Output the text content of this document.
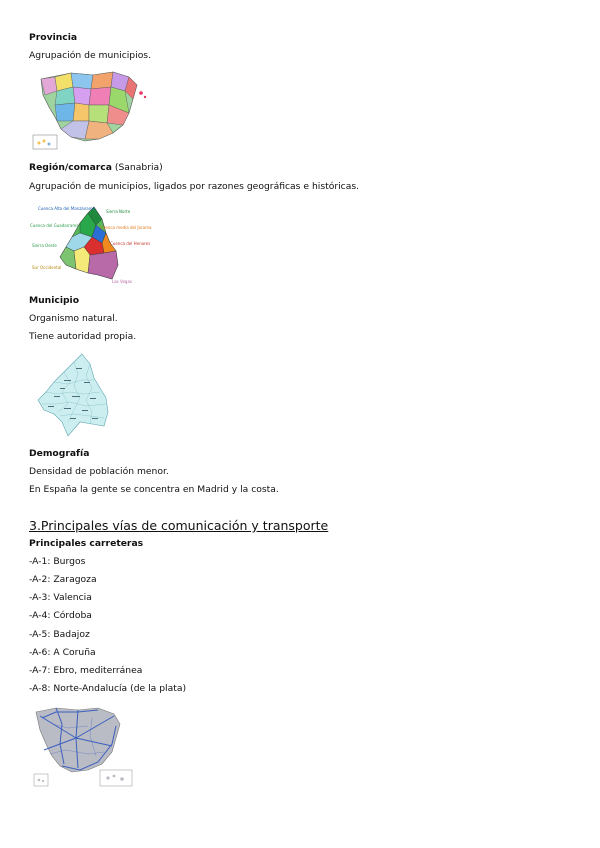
Provincia

Agrupación de municipios.

Región/comarca (Sanabria)

Agrupación de municipios, ligados por razones geográficas e históricas.

Cuenca Alta del Manzanares
Sierra Norte
Cuenca del Guadarrama	Cuenca media del Jarama
Sierra Oeste	Cuenca del Henares
Sur Occidental
Las Vegas

Municipio

Organismo natural.

Tiene autoridad propia.

Demografía

Densidad de población menor.

En España la gente se concentra en Madrid y la costa.

3.Principales vías de comunicación y transporte

Principales carreteras

-A-1: Burgos

-A-2: Zaragoza

-A-3: Valencia

-A-4: Córdoba

-A-5: Badajoz

-A-6: A Coruña

-A-7: Ebro, mediterránea

-A-8: Norte-Andalucía (de la plata)
